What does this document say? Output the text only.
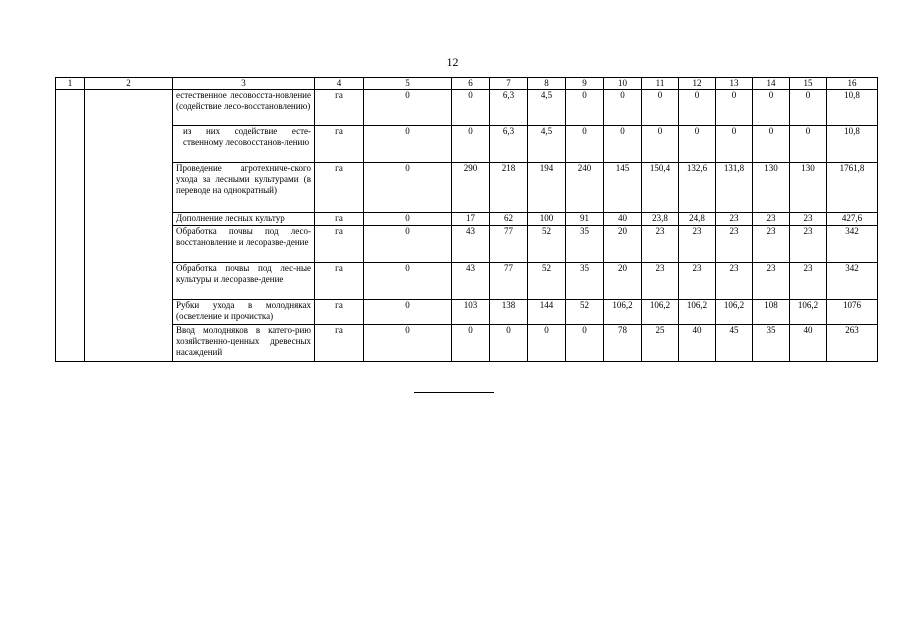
12
1	2	3	4	5	6	7	8	9	10	11	12	13	14	15	16
		естественное лесовосста-новление (содействие лесо-восстановлению)	га	0	0	6,3	4,5	0	0	0	0	0	0	0	10,8
		из них содействие есте-ственному лесовосстанов-лению	га	0	0	6,3	4,5	0	0	0	0	0	0	0	10,8
		Проведение агротехниче-ского ухода за лесными культурами (в переводе на однократный)	га	0	290	218	194	240	145	150,4	132,6	131,8	130	130	1761,8
		Дополнение лесных культур	га	0	17	62	100	91	40	23,8	24,8	23	23	23	427,6
		Обработка почвы под лесо-восстановление и лесоразве-дение	га	0	43	77	52	35	20	23	23	23	23	23	342
		Обработка почвы под лес-ные культуры и лесоразве-дение	га	0	43	77	52	35	20	23	23	23	23	23	342
		Рубки ухода в молодняках (осветление и прочистка)	га	0	103	138	144	52	106,2	106,2	106,2	106,2	108	106,2	1076
		Ввод молодняков в катего-рию хозяйственно-ценных древесных насаждений	га	0	0	0	0	0	78	25	40	45	35	40	263
